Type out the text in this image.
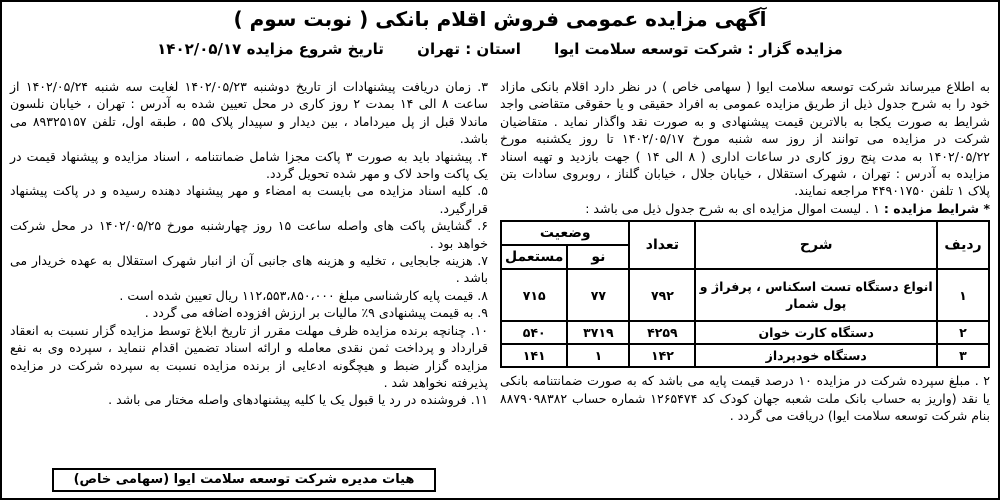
آگهی مزایده عمومی فروش اقلام بانکی ( نوبت سوم )
مزایده گزار : شرکت توسعه سلامت ایوا استان : تهران تاریخ شروع مزایده ۱۴۰۲/۰۵/۱۷

به اطلاع میرساند شرکت توسعه سلامت ایوا ( سهامی خاص ) در نظر دارد اقلام بانکی مازاد خود را به شرح جدول ذیل از طریق مزایده عمومی به افراد حقیقی و یا حقوقی متقاضی واجد شرایط به صورت یکجا به بالاترین قیمت پیشنهادی و به صورت نقد واگذار نماید . متقاضیان شرکت در مزایده می توانند از روز سه شنبه مورخ ۱۴۰۲/۰۵/۱۷ تا روز یکشنبه مورخ ۱۴۰۲/۰۵/۲۲ به مدت پنج روز کاری در ساعات اداری ( ۸ الی ۱۴ ) جهت بازدید و تهیه اسناد مزایده به آدرس : تهران ، شهرک استقلال ، خیابان جلال ، خیابان گلناز ، روبروی سادات بتن پلاک ۱ تلفن ۴۴۹۰۱۷۵۰ مراجعه نمایند.

* شرایط مزایده : ۱ . لیست اموال مزایده ای به شرح جدول ذیل می باشد :

ردیف	شرح	تعداد	وضعیت	
			نو	مستعمل
۱	انواع دستگاه تست اسکناس ، پرفراژ و پول شمار	۷۹۲	۷۷	۷۱۵
۲	دستگاه کارت خوان	۴۲۵۹	۳۷۱۹	۵۴۰
۳	دستگاه خودپرداز	۱۴۲	۱	۱۴۱

۲ . مبلغ سپرده شرکت در مزایده ۱۰ درصد قیمت پایه می باشد که به صورت ضمانتنامه بانکی یا نقد (واریز به حساب بانک ملت شعبه جهان کودک کد ۱۲۶۵۴۷۴ شماره حساب ۸۸۷۹۰۹۸۳۸۲ بنام شرکت توسعه سلامت ایوا) دریافت می گردد .

۳. زمان دریافت پیشنهادات از تاریخ دوشنبه ۱۴۰۲/۰۵/۲۳ لغایت سه شنبه ۱۴۰۲/۰۵/۲۴ از ساعت ۸ الی ۱۴ بمدت ۲ روز کاری در محل تعیین شده به آدرس : تهران ، خیابان نلسون ماندلا قبل از پل میرداماد ، بین دیدار و سپیدار پلاک ۵۵ ، طبقه اول، تلفن ۸۹۳۲۵۱۵۷ می باشد.

۴. پیشنهاد باید به صورت ۳ پاکت مجزا شامل ضمانتنامه ، اسناد مزایده و پیشنهاد قیمت در یک پاکت واحد لاک و مهر شده تحویل گردد.

۵. کلیه اسناد مزایده می بایست به امضاء و مهر پیشنهاد دهنده رسیده و در پاکت پیشنهاد قرارگیرد.

۶. گشایش پاکت های واصله ساعت ۱۵ روز چهارشنبه مورخ ۱۴۰۲/۰۵/۲۵ در محل شرکت خواهد بود .

۷. هزینه جابجایی ، تخلیه و هزینه های جانبی آن از انبار شهرک استقلال به عهده خریدار می باشد .

۸. قیمت پایه کارشناسی مبلغ ۱۱۲،۵۵۳،۸۵۰،۰۰۰ ریال تعیین شده است .

۹. به قیمت پیشنهادی ۹٪ مالیات بر ارزش افزوده اضافه می گردد .

۱۰. چنانچه برنده مزایده ظرف مهلت مقرر از تاریخ ابلاغ توسط مزایده گزار نسبت به انعقاد قرارداد و پرداخت ثمن نقدی معامله و ارائه اسناد تضمین اقدام ننماید ، سپرده وی به نفع مزایده گزار ضبط و هیچگونه ادعایی از برنده مزایده نسبت به سپرده شرکت در مزایده پذیرفته نخواهد شد .

۱۱. فروشنده در رد یا قبول یک یا کلیه پیشنهادهای واصله مختار می باشد .

هیات مدیره شرکت توسعه سلامت ایوا (سهامی خاص)
